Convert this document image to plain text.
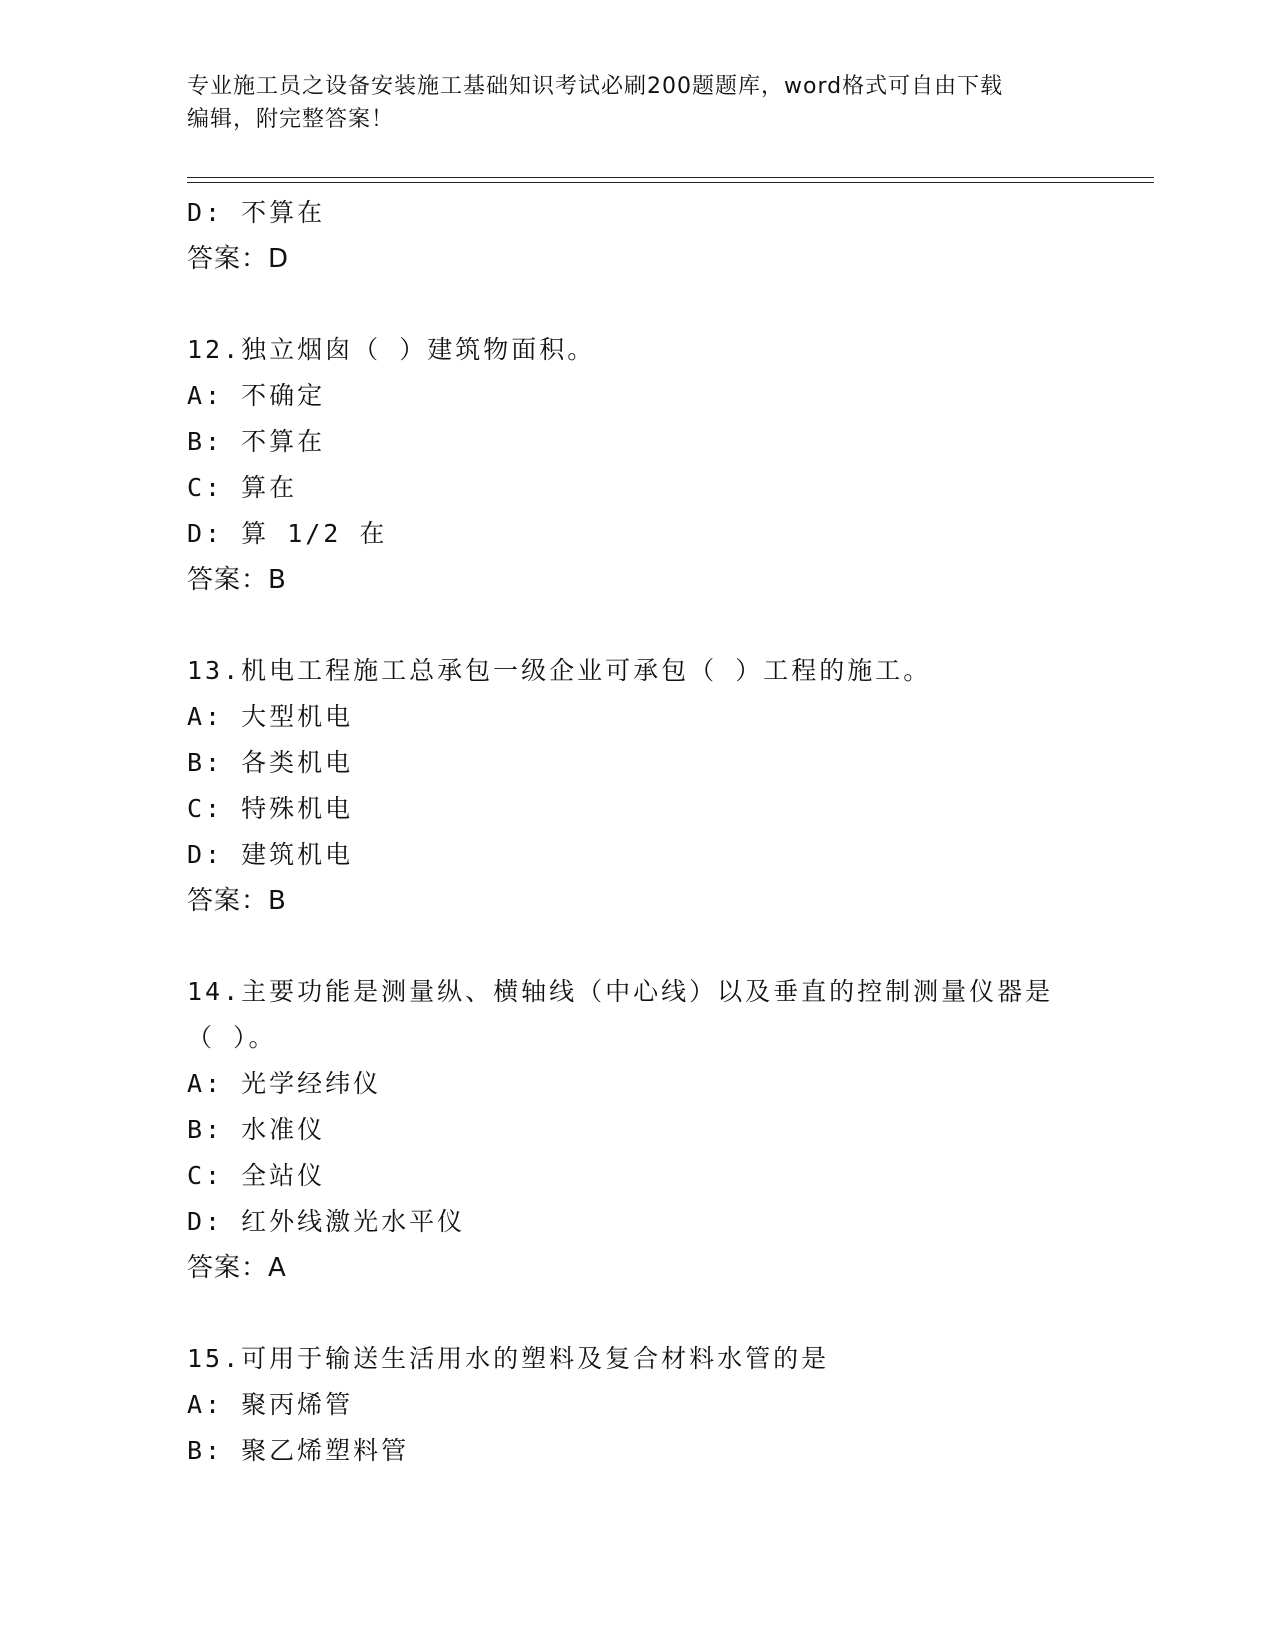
专业施工员之设备安装施工基础知识考试必刷200题题库，word格式可自由下载
编辑，附完整答案！
D: 不算在
答案：D
12.独立烟囱（ ）建筑物面积。
A: 不确定
B: 不算在
C: 算在
D: 算 1/2 在
答案：B
13.机电工程施工总承包一级企业可承包（ ）工程的施工。
A: 大型机电
B: 各类机电
C: 特殊机电
D: 建筑机电
答案：B
14.主要功能是测量纵、横轴线（中心线）以及垂直的控制测量仪器是
（ ）。
A: 光学经纬仪
B: 水准仪
C: 全站仪
D: 红外线激光水平仪
答案：A
15.可用于输送生活用水的塑料及复合材料水管的是
A: 聚丙烯管
B: 聚乙烯塑料管
